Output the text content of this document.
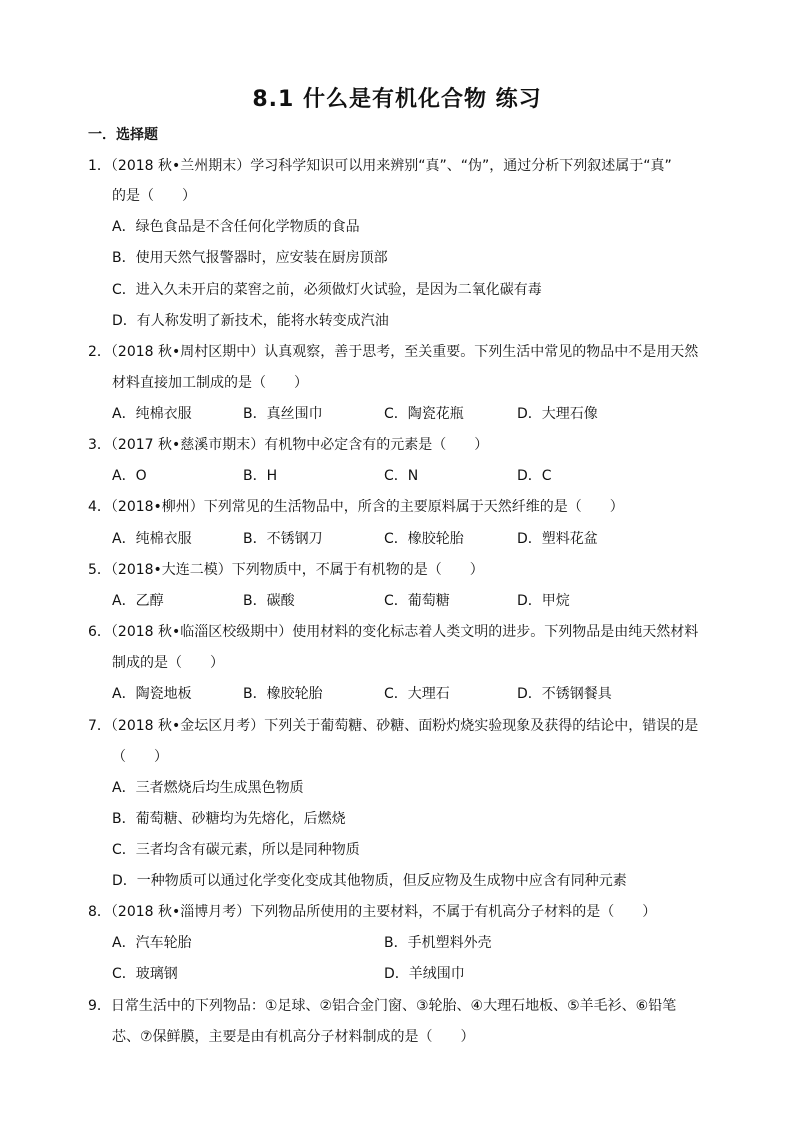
8.1 什么是有机化合物 练习
一．选择题
1．（2018 秋•兰州期末）学习科学知识可以用来辨别“真”、“伪”，通过分析下列叙述属于“真”
的是（　　）
A．绿色食品是不含任何化学物质的食品
B．使用天然气报警器时，应安装在厨房顶部
C．进入久未开启的菜窖之前，必须做灯火试验，是因为二氧化碳有毒
D．有人称发明了新技术，能将水转变成汽油
2．（2018 秋•周村区期中）认真观察，善于思考，至关重要。下列生活中常见的物品中不是用天然
材料直接加工制成的是（　　）
A．纯棉衣服	B．真丝围巾	C．陶瓷花瓶	D．大理石像
3．（2017 秋•慈溪市期末）有机物中必定含有的元素是（　　）
A．O	B．H	C．N	D．C
4．（2018•柳州）下列常见的生活物品中，所含的主要原料属于天然纤维的是（　　）
A．纯棉衣服	B．不锈钢刀	C．橡胶轮胎	D．塑料花盆
5．（2018•大连二模）下列物质中，不属于有机物的是（　　）
A．乙醇	B．碳酸	C．葡萄糖	D．甲烷
6．（2018 秋•临淄区校级期中）使用材料的变化标志着人类文明的进步。下列物品是由纯天然材料
制成的是（　　）
A．陶瓷地板	B．橡胶轮胎	C．大理石	D．不锈钢餐具
7．（2018 秋•金坛区月考）下列关于葡萄糖、砂糖、面粉灼烧实验现象及获得的结论中，错误的是
（　　）
A．三者燃烧后均生成黑色物质
B．葡萄糖、砂糖均为先熔化，后燃烧
C．三者均含有碳元素，所以是同种物质
D．一种物质可以通过化学变化变成其他物质，但反应物及生成物中应含有同种元素
8．（2018 秋•淄博月考）下列物品所使用的主要材料，不属于有机高分子材料的是（　　）
A．汽车轮胎	B．手机塑料外壳
C．玻璃钢	D．羊绒围巾
9．日常生活中的下列物品：①足球、②铝合金门窗、③轮胎、④大理石地板、⑤羊毛衫、⑥铅笔
芯、⑦保鲜膜，主要是由有机高分子材料制成的是（　　）
